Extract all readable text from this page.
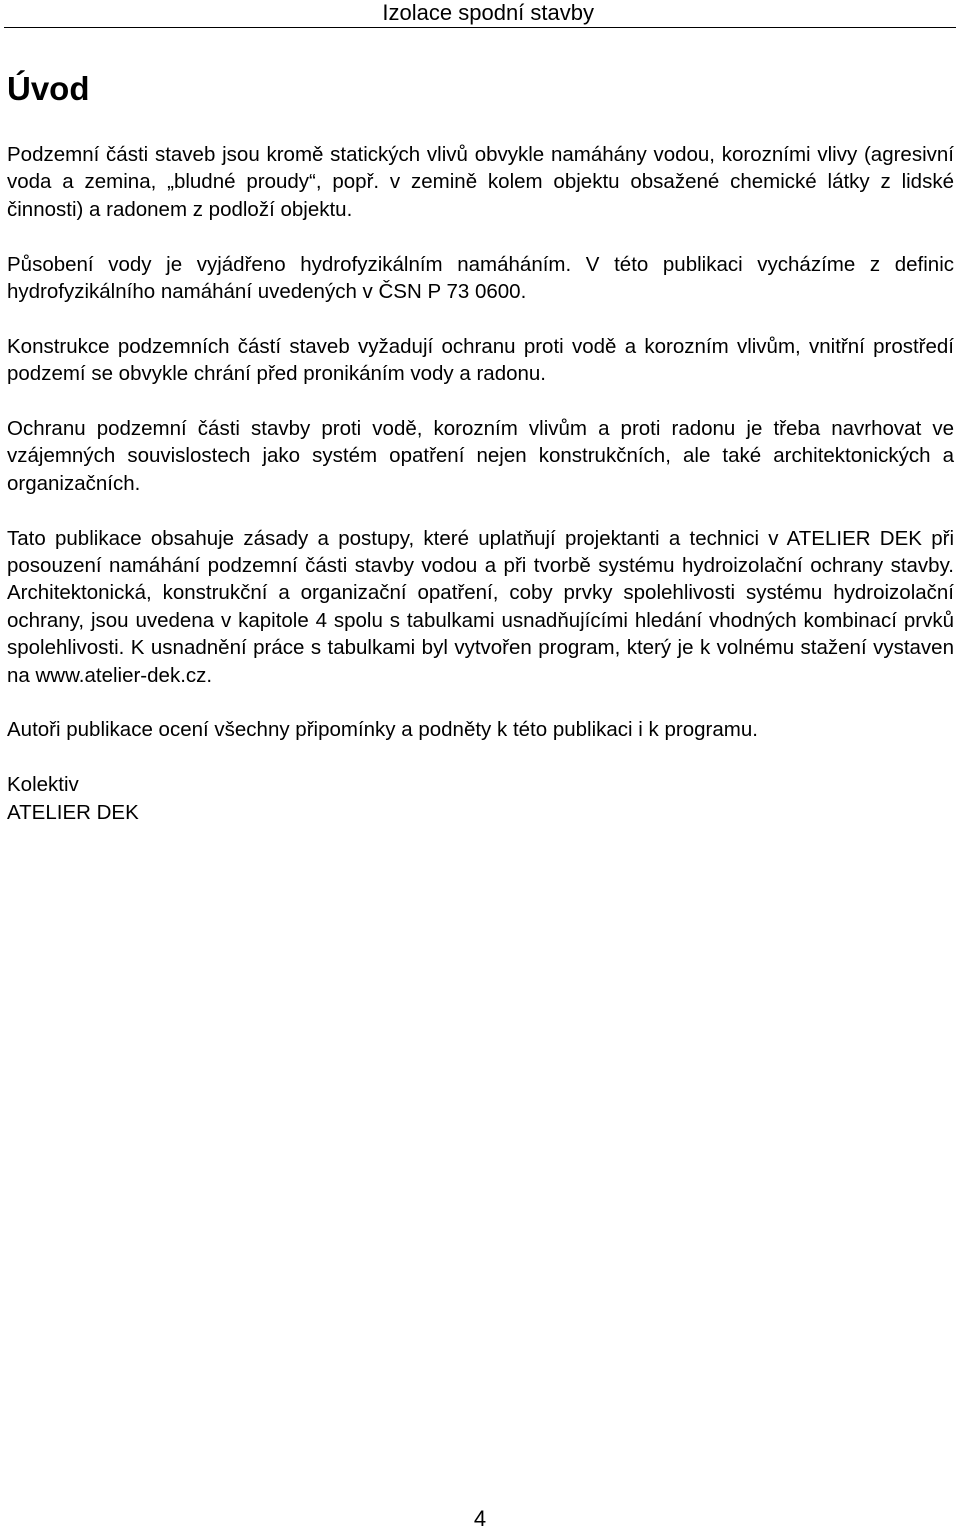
Izolace spodní stavby
Úvod

Podzemní části staveb jsou kromě statických vlivů obvykle namáhány vodou, korozními vlivy (agresivní voda a zemina, „bludné proudy“, popř. v zemině kolem objektu obsažené chemické látky z lidské činnosti) a radonem z podloží objektu.

Působení vody je vyjádřeno hydrofyzikálním namáháním. V této publikaci vycházíme z definic hydrofyzikálního namáhání uvedených v ČSN P 73 0600.

Konstrukce podzemních částí staveb vyžadují ochranu proti vodě a korozním vlivům, vnitřní prostředí podzemí se obvykle chrání před pronikáním vody a radonu.

Ochranu podzemní části stavby proti vodě, korozním vlivům a proti radonu je třeba navrhovat ve vzájemných souvislostech jako systém opatření nejen konstrukčních, ale také architektonických a organizačních.

Tato publikace obsahuje zásady a postupy, které uplatňují projektanti a technici v ATELIER DEK při posouzení namáhání podzemní části stavby vodou a při tvorbě systému hydroizolační ochrany stavby. Architektonická, konstrukční a organizační opatření, coby prvky spolehlivosti systému hydroizolační ochrany, jsou uvedena v kapitole 4 spolu s tabulkami usnadňujícími hledání vhodných kombinací prvků spolehlivosti. K usnadnění práce s tabulkami byl vytvořen program, který je k volnému stažení vystaven na www.atelier-dek.cz.

Autoři publikace ocení všechny připomínky a podněty k této publikaci i k programu.

Kolektiv

ATELIER DEK

4
